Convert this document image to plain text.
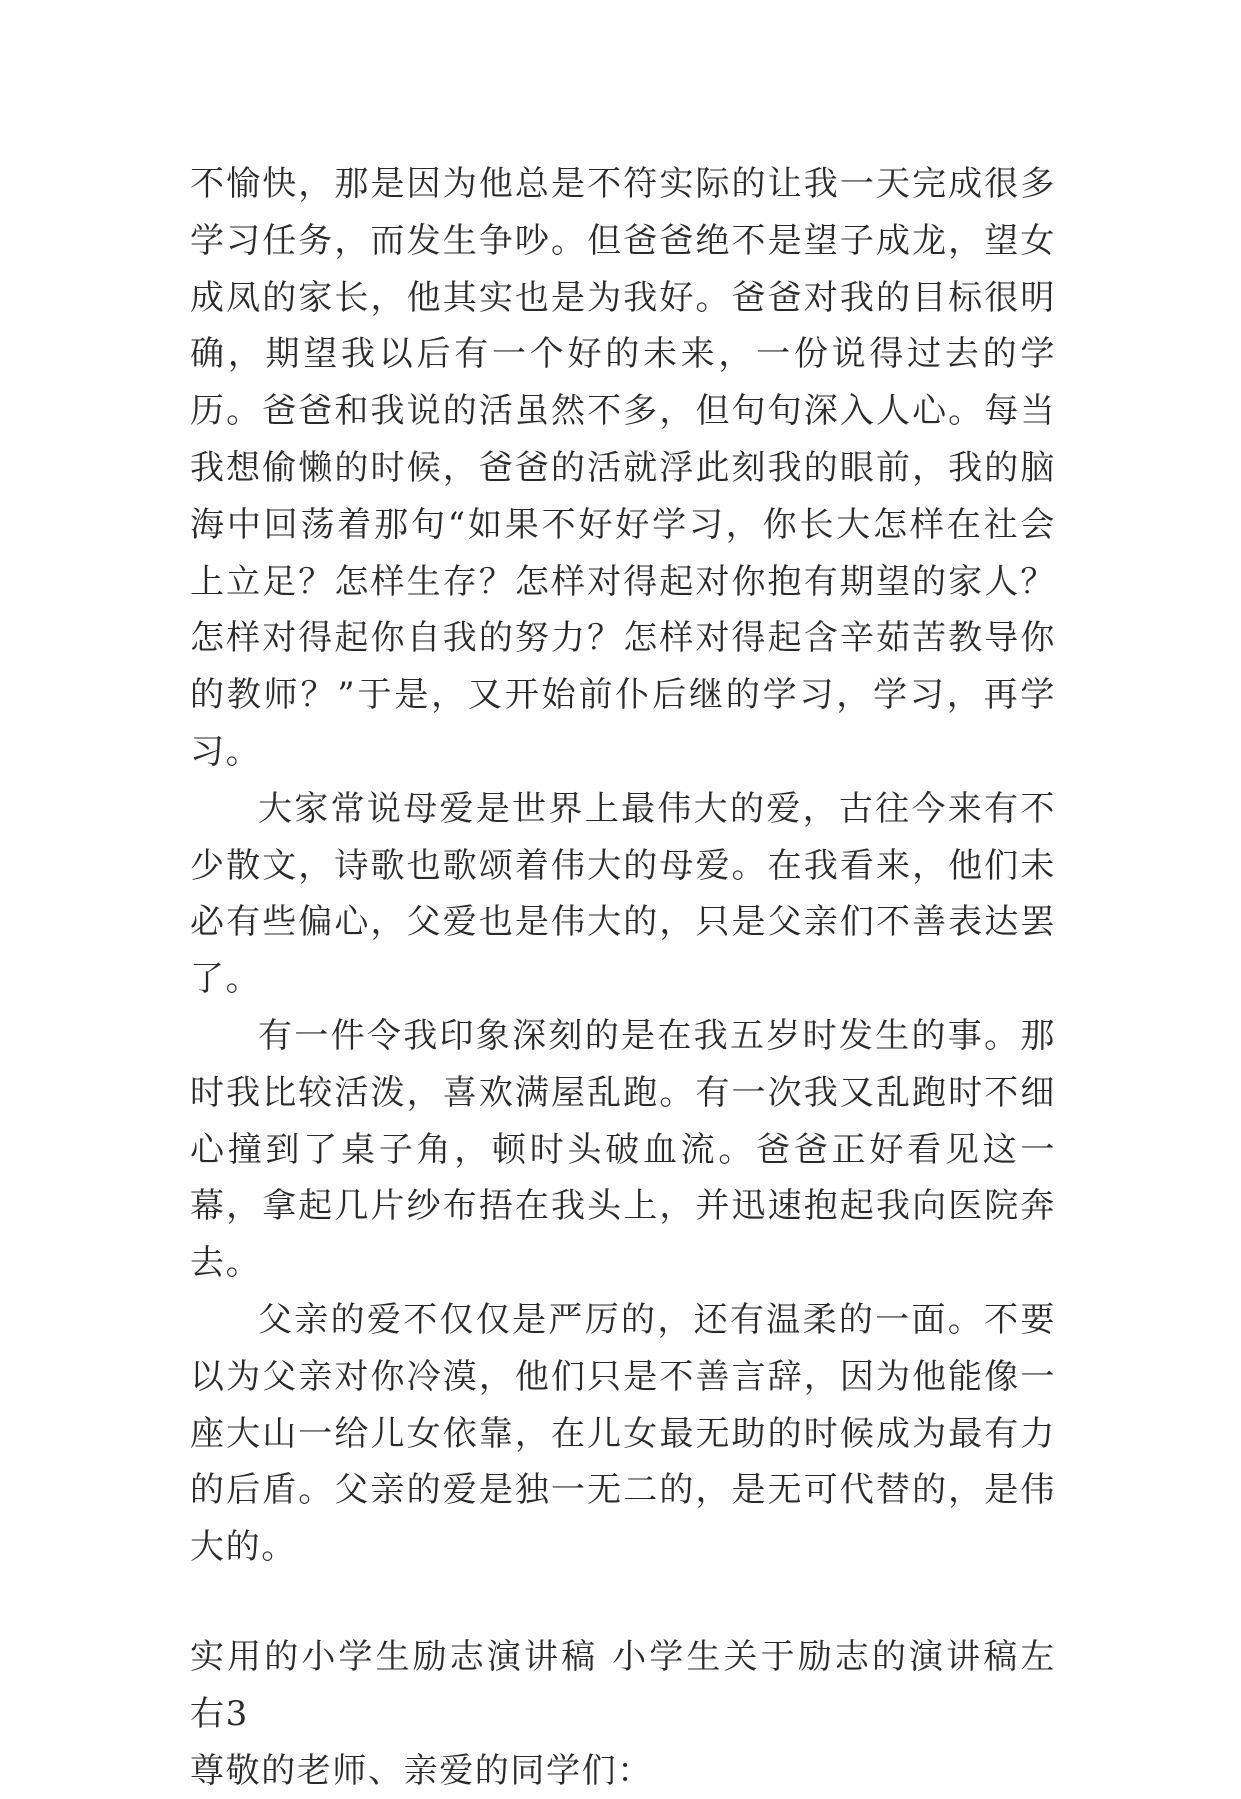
不愉快，那是因为他总是不符实际的让我一天完成很多学习任务，而发生争吵。但爸爸绝不是望子成龙，望女成凤的家长，他其实也是为我好。爸爸对我的目标很明确，期望我以后有一个好的未来，一份说得过去的学历。爸爸和我说的活虽然不多，但句句深入人心。每当我想偷懒的时候，爸爸的活就浮此刻我的眼前，我的脑海中回荡着那句“如果不好好学习，你长大怎样在社会上立足？怎样生存？怎样对得起对你抱有期望的家人？怎样对得起你自我的努力？怎样对得起含辛茹苦教导你的教师？”于是，又开始前仆后继的学习，学习，再学习。

大家常说母爱是世界上最伟大的爱，古往今来有不少散文，诗歌也歌颂着伟大的母爱。在我看来，他们未必有些偏心，父爱也是伟大的，只是父亲们不善表达罢了。

有一件令我印象深刻的是在我五岁时发生的事。那时我比较活泼，喜欢满屋乱跑。有一次我又乱跑时不细心撞到了桌子角，顿时头破血流。爸爸正好看见这一幕，拿起几片纱布捂在我头上，并迅速抱起我向医院奔去。

父亲的爱不仅仅是严厉的，还有温柔的一面。不要以为父亲对你冷漠，他们只是不善言辞，因为他能像一座大山一给儿女依靠，在儿女最无助的时候成为最有力的后盾。父亲的爱是独一无二的，是无可代替的，是伟大的。

实用的小学生励志演讲稿 小学生关于励志的演讲稿左右3

尊敬的老师、亲爱的同学们：
